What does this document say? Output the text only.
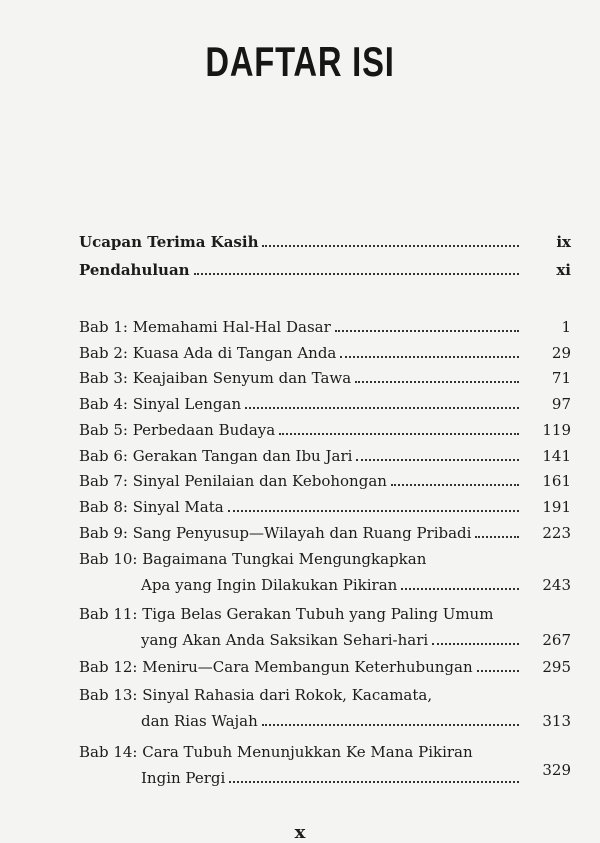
DAFTAR ISI
Ucapan Terima Kasih	ix
Pendahuluan	xi
Bab 1: Memahami Hal-Hal Dasar	1
Bab 2: Kuasa Ada di Tangan Anda	29
Bab 3: Keajaiban Senyum dan Tawa	71
Bab 4: Sinyal Lengan	97
Bab 5: Perbedaan Budaya	119
Bab 6: Gerakan Tangan dan Ibu Jari	141
Bab 7: Sinyal Penilaian dan Kebohongan	161
Bab 8: Sinyal Mata	191
Bab 9: Sang Penyusup—Wilayah dan Ruang Pribadi	223
Bab 10: Bagaimana Tungkai Mengungkapkan
Apa yang Ingin Dilakukan Pikiran	243
Bab 11: Tiga Belas Gerakan Tubuh yang Paling Umum
yang Akan Anda Saksikan Sehari-hari	267
Bab 12: Meniru—Cara Membangun Keterhubungan	295
Bab 13: Sinyal Rahasia dari Rokok, Kacamata,
dan Rias Wajah	313
Bab 14: Cara Tubuh Menunjukkan Ke Mana Pikiran
Ingin Pergi	329
x
